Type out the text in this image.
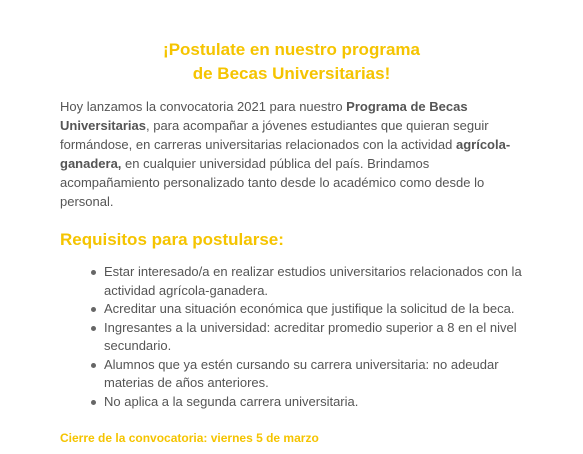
¡Postulate en nuestro programa
de Becas Universitarias!

Hoy lanzamos la convocatoria 2021 para nuestro Programa de Becas Universitarias, para acompañar a jóvenes estudiantes que quieran seguir formándose, en carreras universitarias relacionados con la actividad agrícola-ganadera, en cualquier universidad pública del país. Brindamos acompañamiento personalizado tanto desde lo académico como desde lo personal.

Requisitos para postularse:
Estar interesado/a en realizar estudios universitarios relacionados con la actividad agrícola-ganadera.
Acreditar una situación económica que justifique la solicitud de la beca.
Ingresantes a la universidad: acreditar promedio superior a 8 en el nivel secundario.
Alumnos que ya estén cursando su carrera universitaria: no adeudar materias de años anteriores.
No aplica a la segunda carrera universitaria.

Cierre de la convocatoria: viernes 5 de marzo
